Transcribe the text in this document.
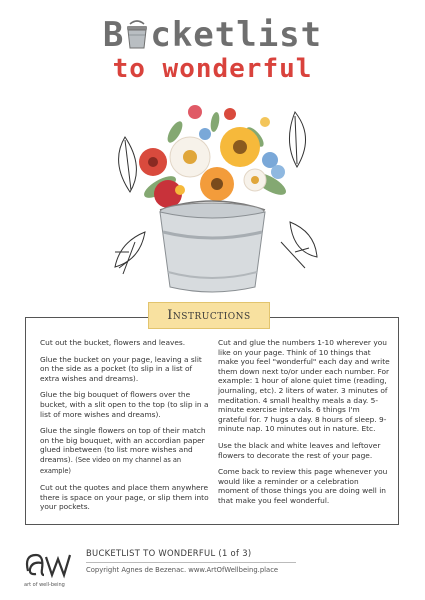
B cketlist
to wonderful
Instructions

Cut out the bucket, flowers and leaves.

Glue the bucket on your page, leaving a slit on the side as a pocket (to slip in a list of extra wishes and dreams).

Glue the big bouquet of flowers over the bucket, with a slit open to the top (to slip in a list of more wishes and dreams).

Glue the single flowers on top of their match on the big bouquet, with an accordian paper glued inbetween (to list more wishes and dreams). (See video on my channel as an example)

Cut out the quotes and place them anywhere there is space on your page, or slip them into your pockets.

Cut and glue the numbers 1-10 wherever you like on your page. Think of 10 things that make you feel "wonderful" each day and write them down next to/or under each number. For example: 1 hour of alone quiet time (reading, journaling, etc). 2 liters of water. 3 minutes of meditation. 4 small healthy meals a day. 5-minute exercise intervals. 6 things I'm grateful for. 7 hugs a day. 8 hours of sleep. 9-minute nap. 10 minutes out in nature. Etc.

Use the black and white leaves and leftover flowers to decorate the rest of your page.

Come back to review this page whenever you would like a reminder or a celebration moment of those things you are doing well in that make you feel wonderful.

art of well-being
BUCKETLIST TO WONDERFUL (1 of 3)
Copyright Agnes de Bezenac. www.ArtOfWellbeing.place
